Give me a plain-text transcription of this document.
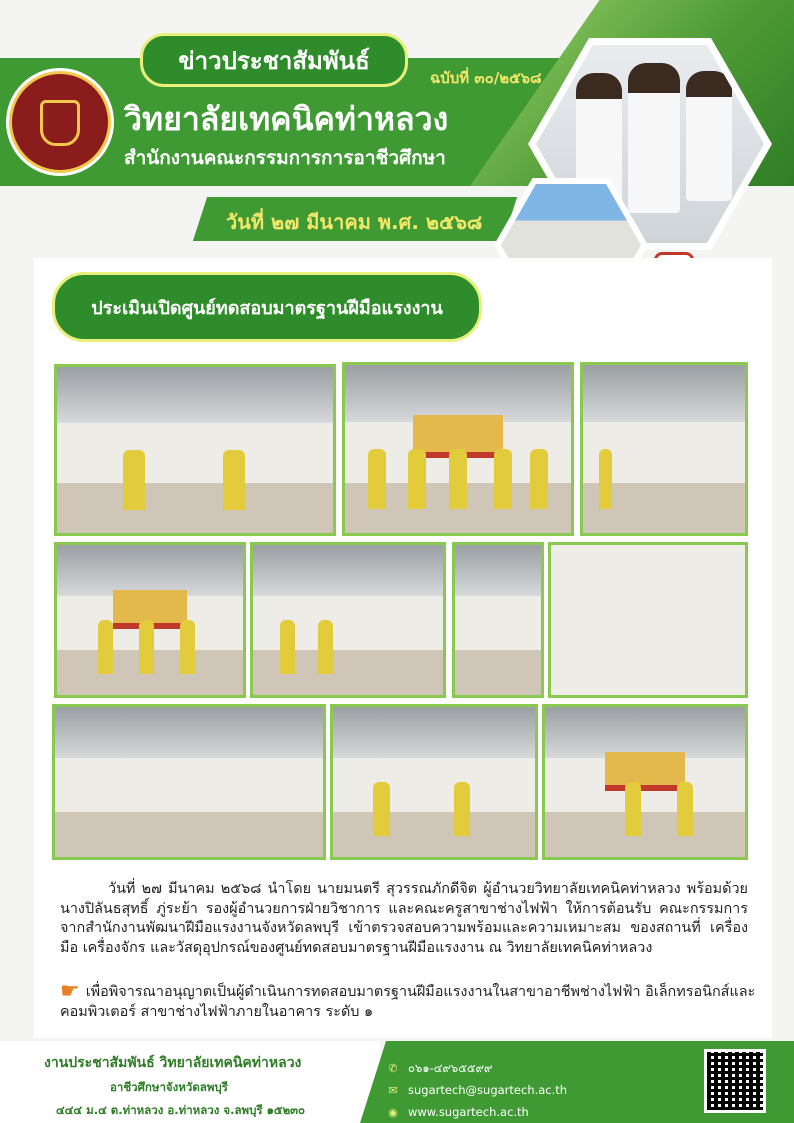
ข่าวประชาสัมพันธ์
ฉบับที่ ๓๐/๒๕๖๘
วิทยาลัยเทคนิคท่าหลวง
สำนักงานคณะกรรมการการอาชีวศึกษา
วันที่ ๒๗ มีนาคม พ.ศ. ๒๕๖๘
ประเมินเปิดศูนย์ทดสอบมาตรฐานฝีมือแรงงาน

วันที่ ๒๗ มีนาคม ๒๕๖๘ นำโดย นายมนตรี สุวรรณภักดีจิต ผู้อำนวยวิทยาลัยเทคนิคท่าหลวง พร้อมด้วยนางปิลันธสุทธิ์ ภู่ระย้า รองผู้อำนวยการฝ่ายวิชาการ และคณะครูสาขาช่างไฟฟ้า ให้การต้อนรับ คณะกรรมการจากสำนักงานพัฒนาฝีมือแรงงานจังหวัดลพบุรี เข้าตรวจสอบความพร้อมและความเหมาะสม ของสถานที่ เครื่องมือ เครื่องจักร และวัสดุอุปกรณ์ของศูนย์ทดสอบมาตรฐานฝีมือแรงงาน ณ วิทยาลัยเทคนิคท่าหลวง

☛ เพื่อพิจารณาอนุญาตเป็นผู้ดำเนินการทดสอบมาตรฐานฝีมือแรงงานในสาขาอาชีพช่างไฟฟ้า อิเล็กทรอนิกส์และคอมพิวเตอร์ สาขาช่างไฟฟ้าภายในอาคาร ระดับ ๑
งานประชาสัมพันธ์ วิทยาลัยเทคนิคท่าหลวง
อาชีวศึกษาจังหวัดลพบุรี
๔๔๔ ม.๔ ต.ท่าหลวง อ.ท่าหลวง จ.ลพบุรี ๑๕๒๓๐
✆ ๐๖๑-๔๙๖๕๕๙๙
✉ sugartech@sugartech.ac.th
◉ www.sugartech.ac.th
